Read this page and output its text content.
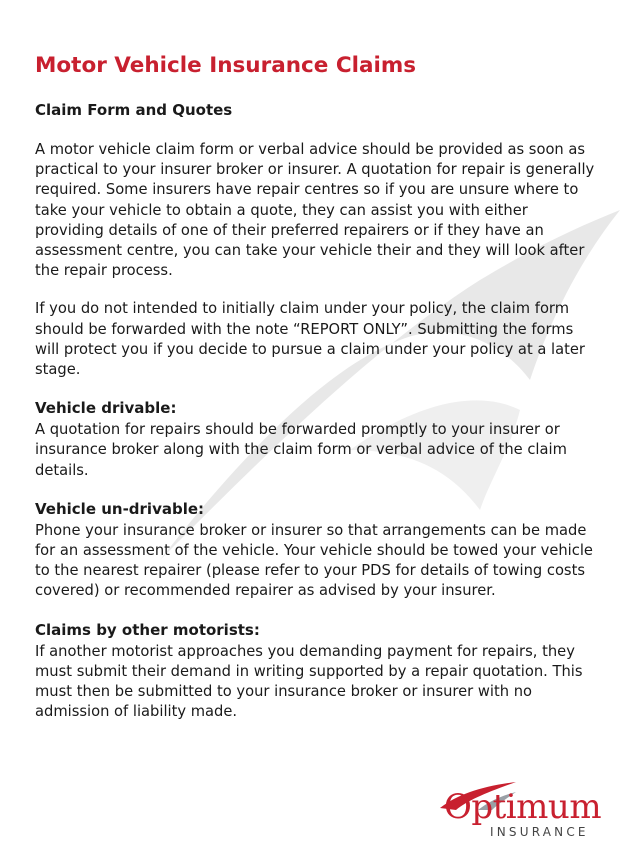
Motor Vehicle Insurance Claims
Claim Form and Quotes

A motor vehicle claim form or verbal advice should be provided as soon as practical to your insurer broker or insurer. A quotation for repair is generally required. Some insurers have repair centres so if you are unsure where to take your vehicle to obtain a quote, they can assist you with either providing details of one of their preferred repairers or if they have an assessment centre, you can take your vehicle their and they will look after the repair process.

If you do not intended to initially claim under your policy, the claim form should be forwarded with the note “REPORT ONLY”. Submitting the forms will protect you if you decide to pursue a claim under your policy at a later stage.

Vehicle drivable:

A quotation for repairs should be forwarded promptly to your insurer or insurance broker along with the claim form or verbal advice of the claim details.

Vehicle un-drivable:

Phone your insurance broker or insurer so that arrangements can be made for an assessment of the vehicle. Your vehicle should be towed your vehicle to the nearest repairer (please refer to your PDS for details of towing costs covered) or recommended repairer as advised by your insurer.

Claims by other motorists:

If another motorist approaches you demanding payment for repairs, they must submit their demand in writing supported by a repair quotation. This must then be submitted to your insurance broker or insurer with no admission of liability made.

Optimum
INSURANCE
